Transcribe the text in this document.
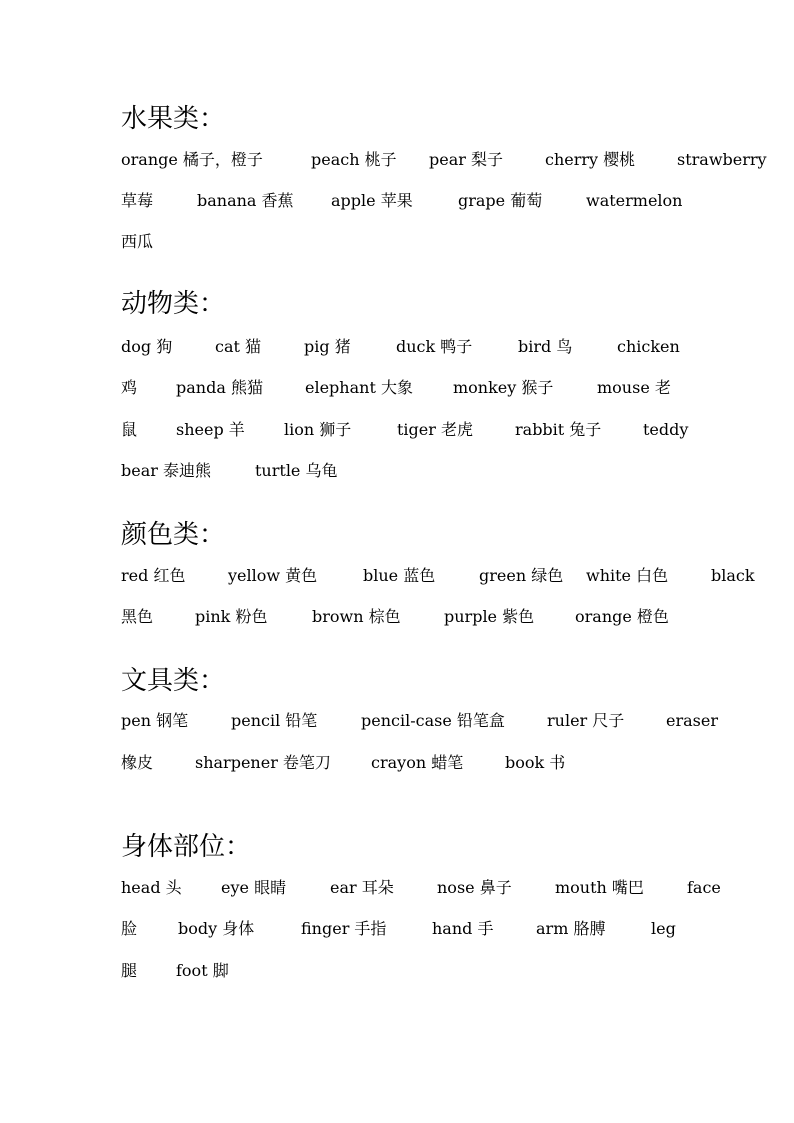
水果类：
orange 橘子，橙子	peach 桃子 pear 梨子	cherry 樱桃	strawberry
草莓	banana 香蕉 apple 苹果	grape 葡萄	watermelon
西瓜
动物类：
dog 狗	cat 猫	pig 猪	duck 鸭子	bird 鸟	chicken
鸡 panda 熊猫	elephant 大象	monkey 猴子	mouse 老
鼠 sheep 羊 lion 狮子	tiger 老虎	rabbit 兔子	teddy
bear 泰迪熊	turtle 乌龟
颜色类：
red 红色	yellow 黄色	blue 蓝色	green 绿色 white 白色	black
黑色	pink 粉色	brown 棕色	purple 紫色	orange 橙色
文具类：
pen 钢笔	pencil 铅笔	pencil-case 铅笔盒	ruler 尺子	eraser
橡皮	sharpener 卷笔刀	crayon 蜡笔	book 书
身体部位：
head 头 eye 眼睛	ear 耳朵	nose 鼻子	mouth 嘴巴	face
脸	body 身体	finger 手指	hand 手	arm 胳膊	leg
腿 foot 脚
